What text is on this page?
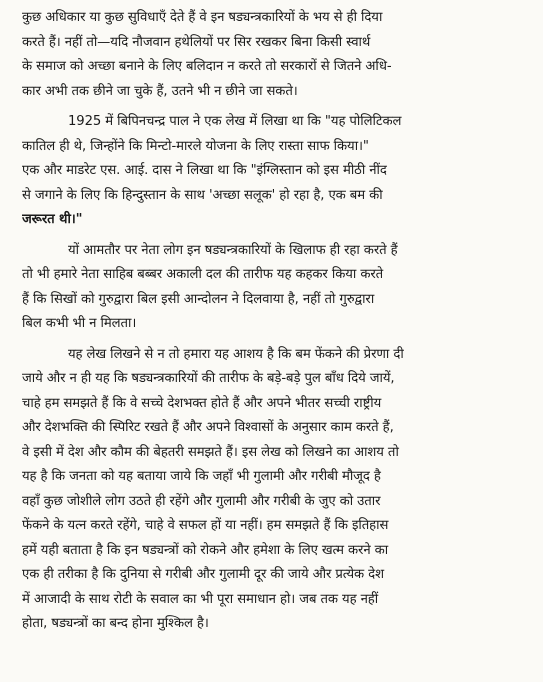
कुछ अधिकार या कुछ सुविधाएँ देते हैं वे इन षड्यन्त्रकारियों के भय से ही दिया
करते हैं। नहीं तो—यदि नौजवान हथेलियों पर सिर रखकर बिना किसी स्वार्थ
के समाज को अच्छा बनाने के लिए बलिदान न करते तो सरकारों से जितने अधि-
कार अभी तक छीने जा चुके हैं, उतने भी न छीने जा सकते।

1925 में बिपिनचन्द्र पाल ने एक लेख में लिखा था कि "यह पोलिटिकल
कातिल ही थे, जिन्होंने कि मिन्टो-मारले योजना के लिए रास्ता साफ किया।"
एक और माडरेट एस. आई. दास ने लिखा था कि "इंग्लिस्तान को इस मीठी नींद
से जगाने के लिए कि हिन्दुस्तान के साथ 'अच्छा सलूक' हो रहा है, एक बम की
जरूरत थी।"

यों आमतौर पर नेता लोग इन षड्यन्त्रकारियों के खिलाफ ही रहा करते हैं
तो भी हमारे नेता साहिब बब्बर अकाली दल की तारीफ यह कहकर किया करते
हैं कि सिखों को गुरुद्वारा बिल इसी आन्दोलन ने दिलवाया है, नहीं तो गुरुद्वारा
बिल कभी भी न मिलता।

यह लेख लिखने से न तो हमारा यह आशय है कि बम फेंकने की प्रेरणा दी
जाये और न ही यह कि षड्यन्त्रकारियों की तारीफ के बड़े-बड़े पुल बाँध दिये जायें,
चाहे हम समझते हैं कि वे सच्चे देशभक्त होते हैं और अपने भीतर सच्ची राष्ट्रीय
और देशभक्ति की स्पिरिट रखते हैं और अपने विश्वासों के अनुसार काम करते हैं,
वे इसी में देश और कौम की बेहतरी समझते हैं। इस लेख को लिखने का आशय तो
यह है कि जनता को यह बताया जाये कि जहाँ भी गुलामी और गरीबी मौजूद है
वहाँ कुछ जोशीले लोग उठते ही रहेंगे और गुलामी और गरीबी के जुए को उतार
फेंकने के यत्न करते रहेंगे, चाहे वे सफल हों या नहीं। हम समझते हैं कि इतिहास
हमें यही बताता है कि इन षड्यन्त्रों को रोकने और हमेशा के लिए खत्म करने का
एक ही तरीका है कि दुनिया से गरीबी और गुलामी दूर की जाये और प्रत्येक देश
में आजादी के साथ रोटी के सवाल का भी पूरा समाधान हो। जब तक यह नहीं
होता, षड्यन्त्रों का बन्द होना मुश्किल है।
